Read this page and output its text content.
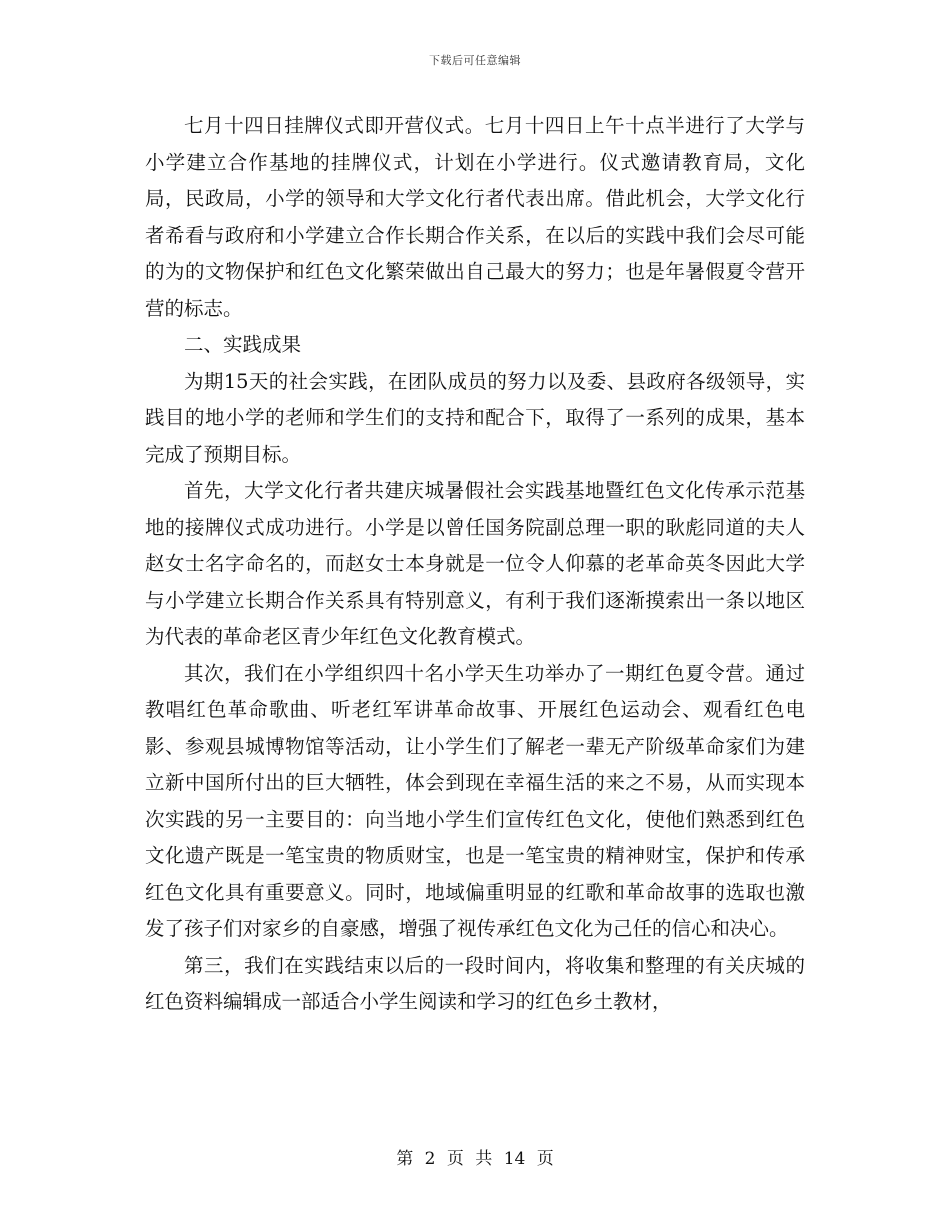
下载后可任意编辑

七月十四日挂牌仪式即开营仪式。七月十四日上午十点半进行了大学与小学建立合作基地的挂牌仪式，计划在小学进行。仪式邀请教育局，文化局，民政局，小学的领导和大学文化行者代表出席。借此机会，大学文化行者希看与政府和小学建立合作长期合作关系，在以后的实践中我们会尽可能的为的文物保护和红色文化繁荣做出自己最大的努力；也是年暑假夏令营开营的标志。

二、实践成果

为期15天的社会实践，在团队成员的努力以及委、县政府各级领导，实践目的地小学的老师和学生们的支持和配合下，取得了一系列的成果，基本完成了预期目标。

首先，大学文化行者共建庆城暑假社会实践基地暨红色文化传承示范基地的接牌仪式成功进行。小学是以曾任国务院副总理一职的耿彪同道的夫人赵女士名字命名的，而赵女士本身就是一位令人仰慕的老革命英冬因此大学与小学建立长期合作关系具有特别意义，有利于我们逐渐摸索出一条以地区为代表的革命老区青少年红色文化教育模式。

其次，我们在小学组织四十名小学天生功举办了一期红色夏令营。通过教唱红色革命歌曲、听老红军讲革命故事、开展红色运动会、观看红色电影、参观县城博物馆等活动，让小学生们了解老一辈无产阶级革命家们为建立新中国所付出的巨大牺牲，体会到现在幸福生活的来之不易，从而实现本次实践的另一主要目的：向当地小学生们宣传红色文化，使他们熟悉到红色文化遗产既是一笔宝贵的物质财宝，也是一笔宝贵的精神财宝，保护和传承红色文化具有重要意义。同时，地域偏重明显的红歌和革命故事的选取也激发了孩子们对家乡的自豪感，增强了视传承红色文化为己任的信心和决心。

第三，我们在实践结束以后的一段时间内，将收集和整理的有关庆城的红色资料编辑成一部适合小学生阅读和学习的红色乡土教材，

第 2 页 共 14 页
